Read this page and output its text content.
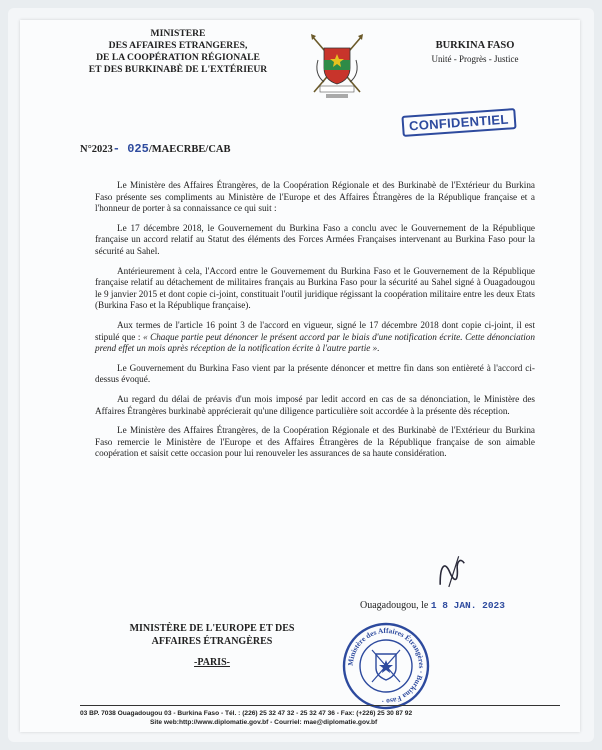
MINISTERE
DES AFFAIRES ETRANGERES,
DE LA COOPÉRATION RÉGIONALE
ET DES BURKINABÈ DE L'EXTÉRIEUR
BURKINA FASO
Unité - Progrès - Justice
CONFIDENTIEL
N°2023- 025/MAECRBE/CAB

Le Ministère des Affaires Étrangères, de la Coopération Régionale et des Burkinabè de l'Extérieur du Burkina Faso présente ses compliments au Ministère de l'Europe et des Affaires Étrangères de la République française et a l'honneur de porter à sa connaissance ce qui suit :

Le 17 décembre 2018, le Gouvernement du Burkina Faso a conclu avec le Gouvernement de la République française un accord relatif au Statut des éléments des Forces Armées Françaises intervenant au Burkina Faso pour la sécurité au Sahel.

Antérieurement à cela, l'Accord entre le Gouvernement du Burkina Faso et le Gouvernement de la République française relatif au détachement de militaires français au Burkina Faso pour la sécurité au Sahel signé à Ouagadougou le 9 janvier 2015 et dont copie ci-joint, constituait l'outil juridique régissant la coopération militaire entre les deux Etats (Burkina Faso et la République française).

Aux termes de l'article 16 point 3 de l'accord en vigueur, signé le 17 décembre 2018 dont copie ci-joint, il est stipulé que : « Chaque partie peut dénoncer le présent accord par le biais d'une notification écrite. Cette dénonciation prend effet un mois après réception de la notification écrite à l'autre partie ».

Le Gouvernement du Burkina Faso vient par la présente dénoncer et mettre fin dans son entièreté à l'accord ci-dessus évoqué.

Au regard du délai de préavis d'un mois imposé par ledit accord en cas de sa dénonciation, le Ministère des Affaires Étrangères burkinabè apprécierait qu'une diligence particulière soit accordée à la présente dès réception.

Le Ministère des Affaires Étrangères, de la Coopération Régionale et des Burkinabè de l'Extérieur du Burkina Faso remercie le Ministère de l'Europe et des Affaires Étrangères de la République française de son aimable coopération et saisit cette occasion pour lui renouveler les assurances de sa haute considération.

Ouagadougou, le 1 8 JAN. 2023
MINISTÈRE DE L'EUROPE ET DES
AFFAIRES ÉTRANGÈRES
-PARIS-	Ministère des Affaires Étrangères · Burkina Faso ·
03 BP. 7038 Ouagadougou 03 - Burkina Faso - Tél. : (226) 25 32 47 32 - 25 32 47 36 - Fax: (+226) 25 30 87 92
Site web:http://www.diplomatie.gov.bf - Courriel: mae@diplomatie.gov.bf
